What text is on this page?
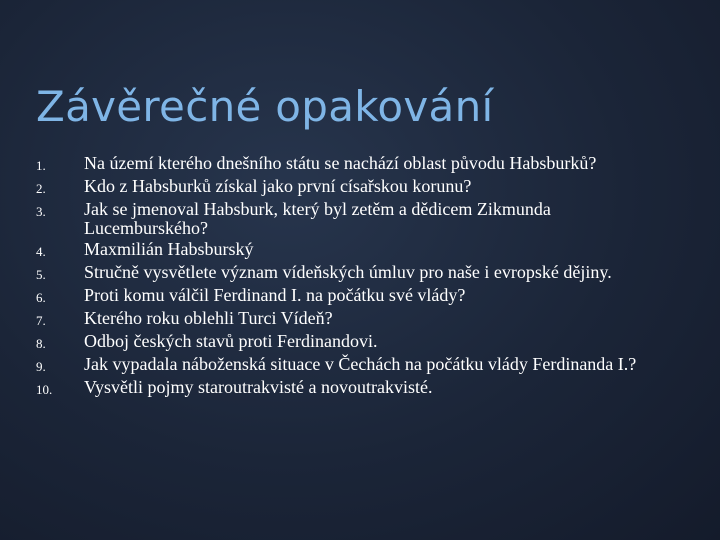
Závěrečné opakování
1.	Na území kterého dnešního státu se nachází oblast původu Habsburků?
2.	Kdo z Habsburků získal jako první císařskou korunu?
3.	Jak se jmenoval Habsburk, který byl zetěm a dědicem Zikmunda Lucemburského?
4.	Maxmilián Habsburský
5.	Stručně vysvětlete význam vídeňských úmluv pro naše i evropské dějiny.
6.	Proti komu válčil Ferdinand I. na počátku své vlády?
7.	Kterého roku oblehli Turci Vídeň?
8.	Odboj českých stavů proti Ferdinandovi.
9.	Jak vypadala náboženská situace v Čechách na počátku vlády Ferdinanda I.?
10.	Vysvětli pojmy staroutrakvisté a novoutrakvisté.
